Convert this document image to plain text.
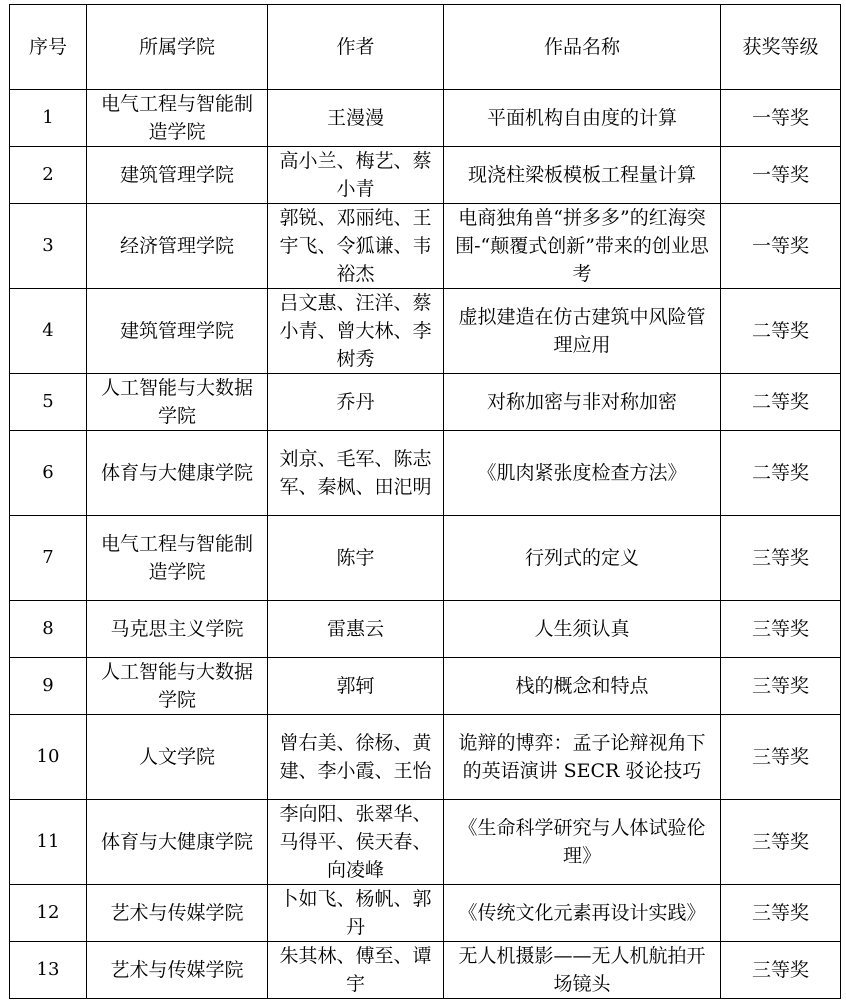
序号	所属学院	作者	作品名称	获奖等级
1	电气工程与智能制造学院	王漫漫	平面机构自由度的计算	一等奖
2	建筑管理学院	高小兰、梅艺、蔡小青	现浇柱梁板模板工程量计算	一等奖
3	经济管理学院	郭锐、邓丽纯、王宇飞、令狐谦、韦裕杰	电商独角兽“拼多多”的红海突围-“颠覆式创新”带来的创业思考	一等奖
4	建筑管理学院	吕文惠、汪洋、蔡小青、曾大林、李树秀	虚拟建造在仿古建筑中风险管理应用	二等奖
5	人工智能与大数据学院	乔丹	对称加密与非对称加密	二等奖
6	体育与大健康学院	刘京、毛军、陈志军、秦枫、田汜明	《肌肉紧张度检查方法》	二等奖
7	电气工程与智能制造学院	陈宇	行列式的定义	三等奖
8	马克思主义学院	雷惠云	人生须认真	三等奖
9	人工智能与大数据学院	郭轲	栈的概念和特点	三等奖
10	人文学院	曾右美、徐杨、黄建、李小霞、王怡	诡辩的博弈：孟子论辩视角下的英语演讲 SECR 驳论技巧	三等奖
11	体育与大健康学院	李向阳、张翠华、马得平、侯天春、向凌峰	《生命科学研究与人体试验伦理》	三等奖
12	艺术与传媒学院	卜如飞、杨帆、郭丹	《传统文化元素再设计实践》	三等奖
13	艺术与传媒学院	朱其林、傅至、谭宇	无人机摄影——无人机航拍开场镜头	三等奖
